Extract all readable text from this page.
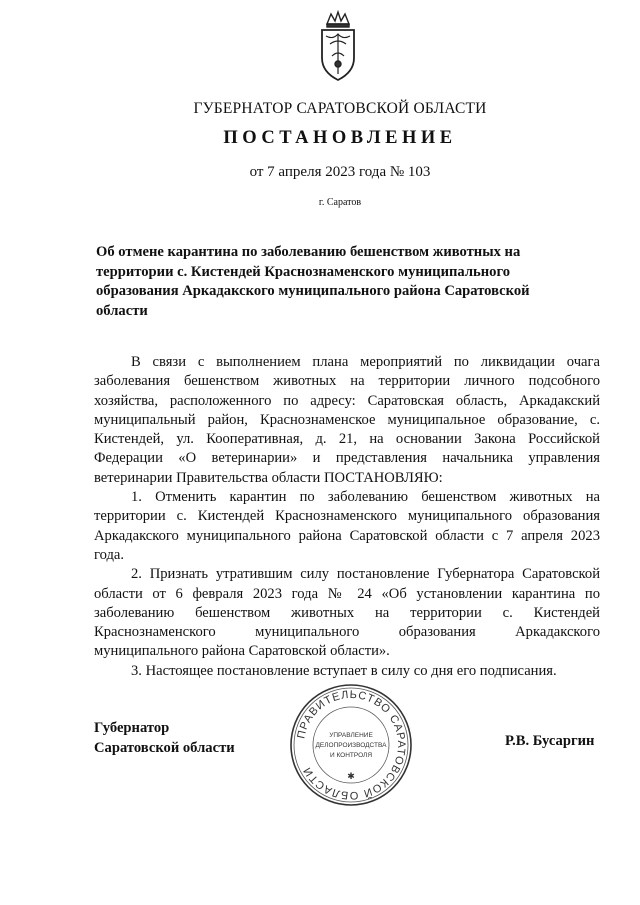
ГУБЕРНАТОР САРАТОВСКОЙ ОБЛАСТИ
ПОСТАНОВЛЕНИЕ
от 7 апреля 2023 года № 103
г. Саратов
Об отмене карантина по заболеванию бешенством животных на территории с. Кистендей Краснознаменского муниципального образования Аркадакского муниципального района Саратовской области

В связи с выполнением плана мероприятий по ликвидации очага заболевания бешенством животных на территории личного подсобного хозяйства, расположенного по адресу: Саратовская область, Аркадакский муниципальный район, Краснознаменское муниципальное образование, с. Кистендей, ул. Кооперативная, д. 21, на основании Закона Российской Федерации «О ветеринарии» и представления начальника управления ветеринарии Правительства области ПОСТАНОВЛЯЮ:

1. Отменить карантин по заболеванию бешенством животных на территории с. Кистендей Краснознаменского муниципального образования Аркадакского муниципального района Саратовской области с 7 апреля 2023 года.

2. Признать утратившим силу постановление Губернатора Саратовской области от 6 февраля 2023 года № 24 «Об установлении карантина по заболеванию бешенством животных на территории с. Кистендей Краснознаменского муниципального образования Аркадакского муниципального района Саратовской области».

3. Настоящее постановление вступает в силу со дня его подписания.

Губернатор
Саратовской области	Р.В. Бусаргин
ПРАВИТЕЛЬСТВО САРАТОВСКОЙ ОБЛАСТИ
УПРАВЛЕНИЕ
ДЕЛОПРОИЗВОДСТВА
И КОНТРОЛЯ
✱
